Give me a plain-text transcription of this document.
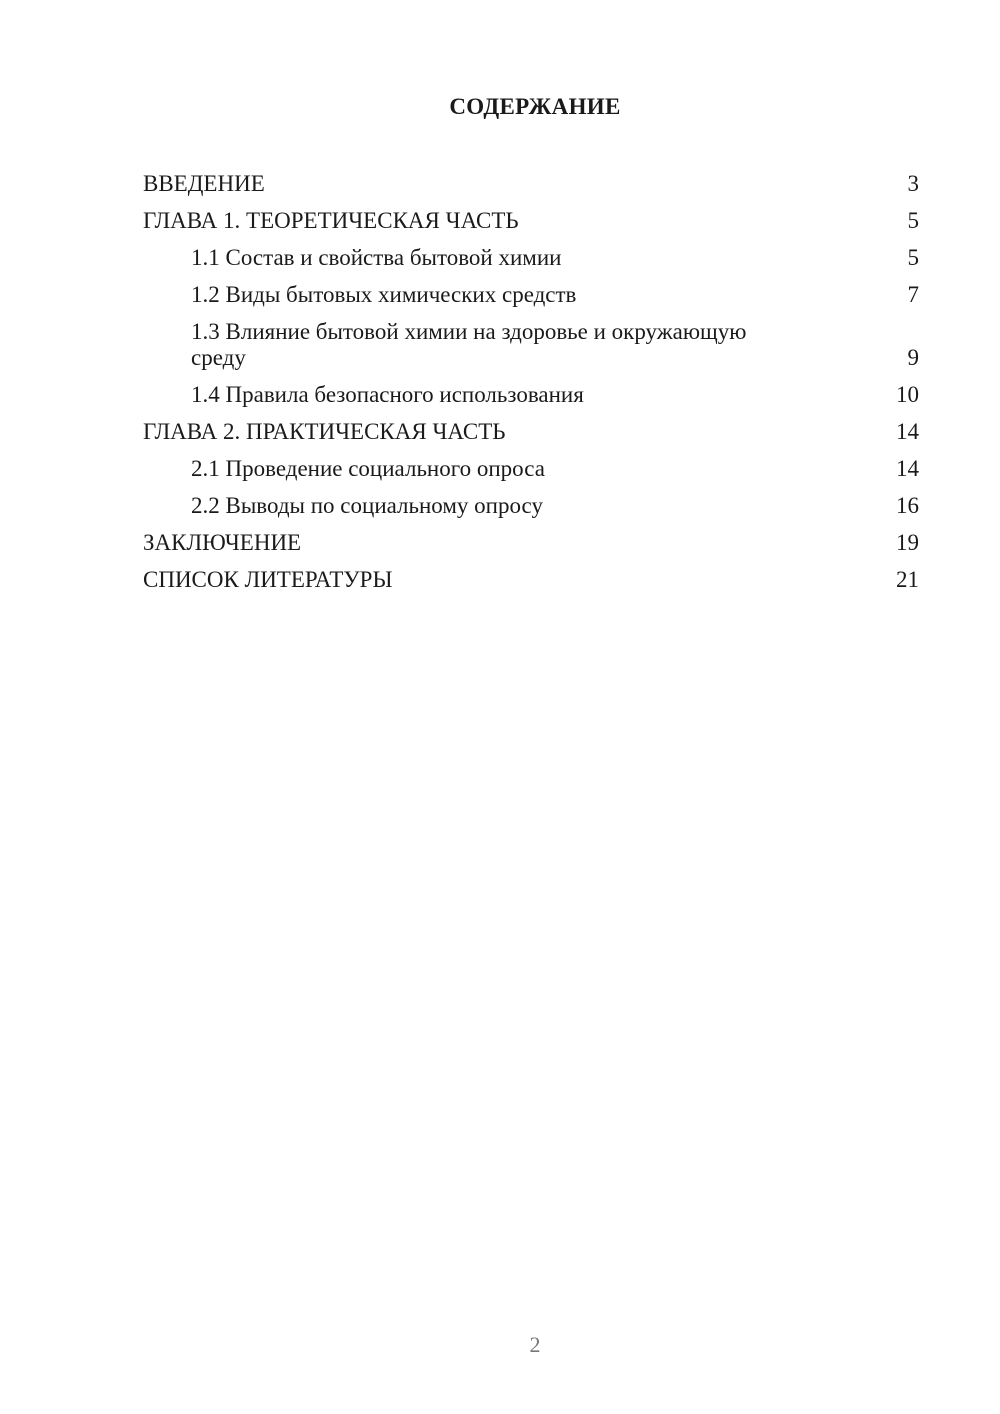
СОДЕРЖАНИЕ
ВВЕДЕНИЕ	3
ГЛАВА 1. ТЕОРЕТИЧЕСКАЯ ЧАСТЬ	5
1.1 Состав и свойства бытовой химии	5
1.2 Виды бытовых химических средств	7
1.3 Влияние бытовой химии на здоровье и окружающую среду	9
1.4 Правила безопасного использования	10
ГЛАВА 2. ПРАКТИЧЕСКАЯ ЧАСТЬ	14
2.1 Проведение социального опроса	14
2.2 Выводы по социальному опросу	16
ЗАКЛЮЧЕНИЕ	19
СПИСОК ЛИТЕРАТУРЫ	21
2
